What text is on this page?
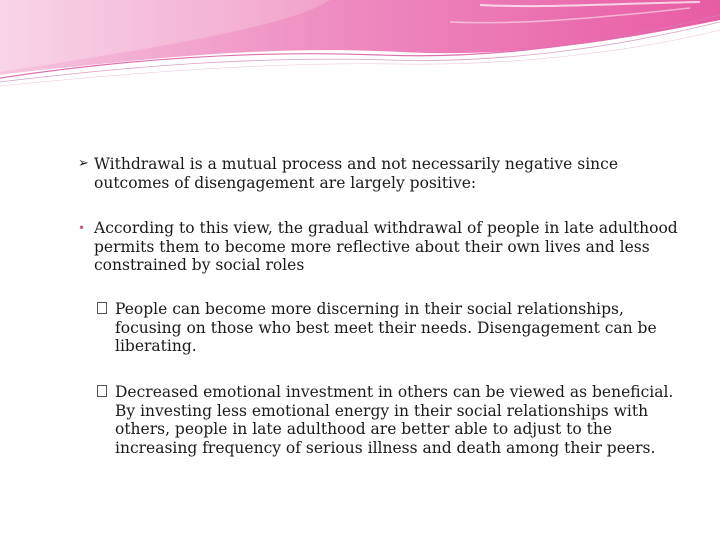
➢ Withdrawal is a mutual process and not necessarily negative since outcomes of disengagement are largely positive:
• According to this view, the gradual withdrawal of people in late adulthood permits them to become more reflective about their own lives and less constrained by social roles
People can become more discerning in their social relationships, focusing on those who best meet their needs. Disengagement can be liberating.
Decreased emotional investment in others can be viewed as beneficial. By investing less emotional energy in their social relationships with others, people in late adulthood are better able to adjust to the increasing frequency of serious illness and death among their peers.
